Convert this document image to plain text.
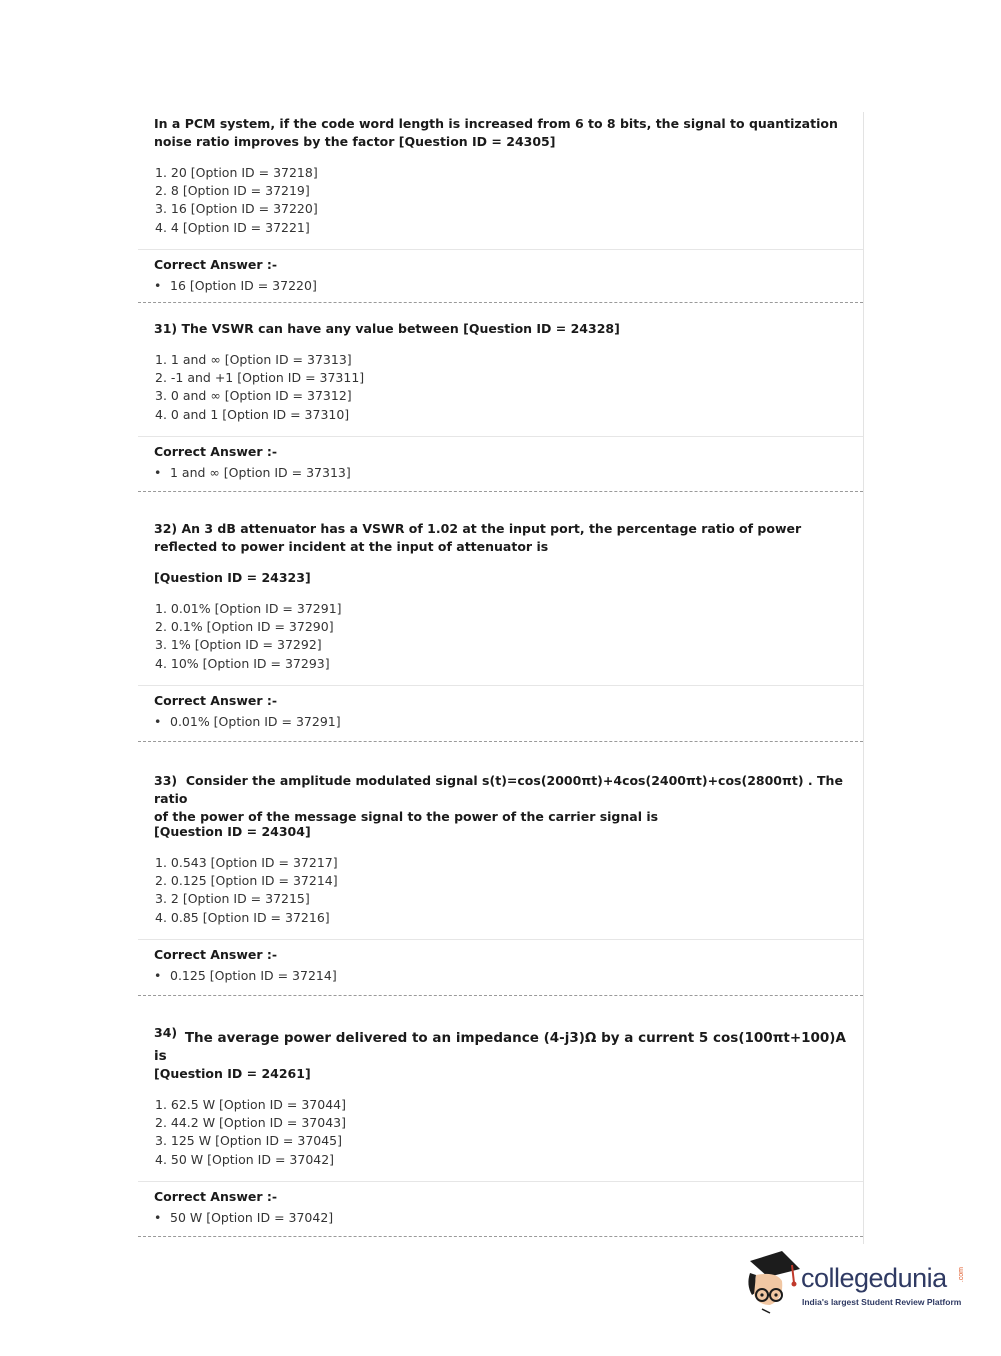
In a PCM system, if the code word length is increased from 6 to 8 bits, the signal to quantization noise ratio improves by the factor [Question ID = 24305]
1. 20 [Option ID = 37218]
2. 8 [Option ID = 37219]
3. 16 [Option ID = 37220]
4. 4 [Option ID = 37221]
Correct Answer :-
• 16 [Option ID = 37220]
31) The VSWR can have any value between [Question ID = 24328]
1. 1 and ∞ [Option ID = 37313]
2. -1 and +1 [Option ID = 37311]
3. 0 and ∞ [Option ID = 37312]
4. 0 and 1 [Option ID = 37310]
Correct Answer :-
• 1 and ∞ [Option ID = 37313]
32) An 3 dB attenuator has a VSWR of 1.02 at the input port, the percentage ratio of power reflected to power incident at the input of attenuator is
[Question ID = 24323]
1. 0.01% [Option ID = 37291]
2. 0.1% [Option ID = 37290]
3. 1% [Option ID = 37292]
4. 10% [Option ID = 37293]
Correct Answer :-
• 0.01% [Option ID = 37291]
33) Consider the amplitude modulated signal s(t)=cos(2000πt)+4cos(2400πt)+cos(2800πt) . The ratio
of the power of the message signal to the power of the carrier signal is
[Question ID = 24304]
1. 0.543 [Option ID = 37217]
2. 0.125 [Option ID = 37214]
3. 2 [Option ID = 37215]
4. 0.85 [Option ID = 37216]
Correct Answer :-
• 0.125 [Option ID = 37214]
$^{34)}$ The average power delivered to an impedance (4-j3)Ω by a current 5 cos(100πt+100)A is
[Question ID = 24261]
1. 62.5 W [Option ID = 37044]
2. 44.2 W [Option ID = 37043]
3. 125 W [Option ID = 37045]
4. 50 W [Option ID = 37042]
Correct Answer :-
• 50 W [Option ID = 37042]
collegedunia .com
India's largest Student Review Platform
